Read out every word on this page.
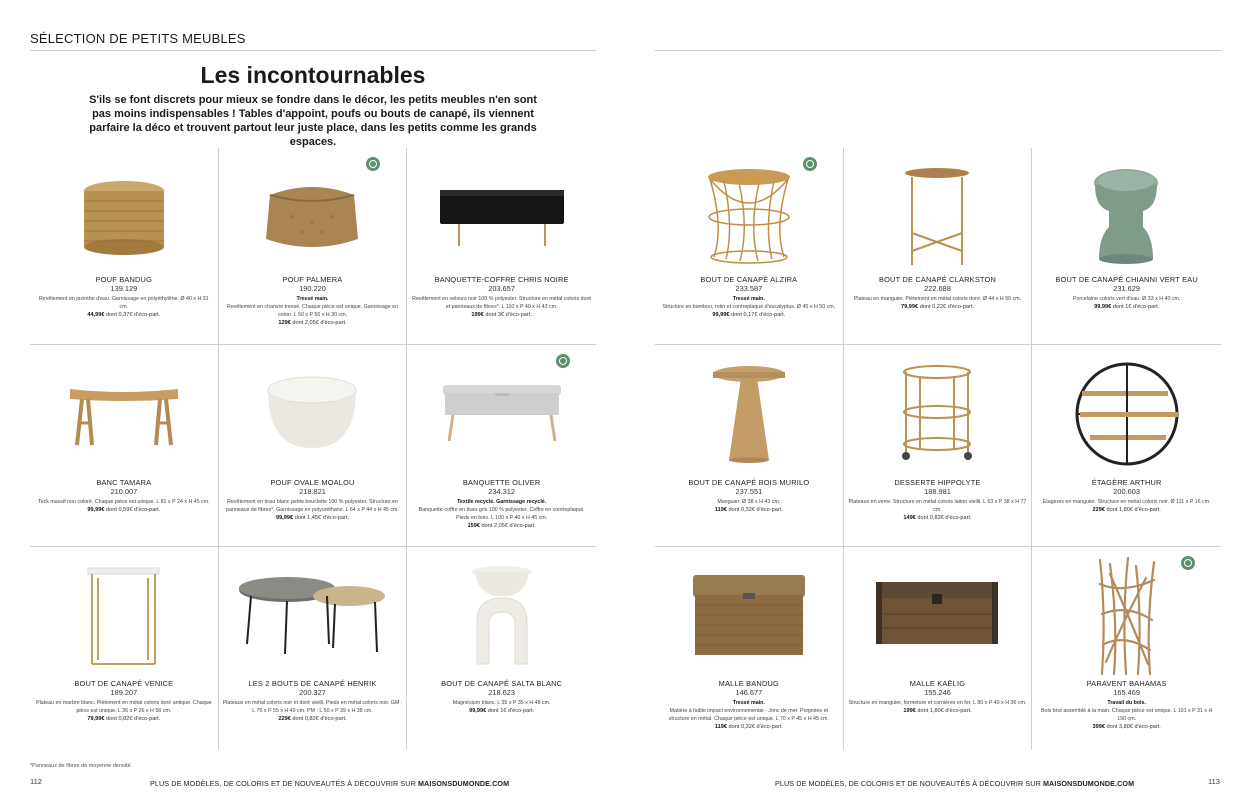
SÉLECTION DE PETITS MEUBLES
Les incontournables

S'ils se font discrets pour mieux se fondre dans le décor, les petits meubles n'en sont pas moins indispensables ! Tables d'appoint, poufs ou bouts de canapé, ils viennent parfaire la déco et trouvent partout leur juste place, dans les petits comme les grands espaces.

POUF BANDUG
139.129
Revêtement en jacinthe d'eau. Garnissage en polyéthylène. Ø 40 x H 31 cm.
44,99€ dont 0,37€ d'éco-part.
POUF PALMERA
190.220
Tressé main.
Revêtement en chanvre tressé. Chaque pièce est unique. Garnissage en coton. L 50 x P 50 x H 30 cm.
129€ dont 2,05€ d'éco-part.
BANQUETTE-COFFRE CHRIS NOIRE
203.657
Revêtement en velours noir 100 % polyester. Structure en métal coloris doré et panneaux de fibres*. L 110 x P 40 x H 43 cm.
199€ dont 3€ d'éco-part.
BANC TAMARA
210.007
Teck massif non coloré. Chaque pièce est unique. L 81 x P 24 x H 45 cm.
99,99€ dont 0,59€ d'éco-part.
POUF OVALE MOALOU
218.821
Revêtement en tissu blanc petite bouclette 100 % polyester. Structure en panneaux de fibres*. Garnissage en polyuréthane. L 64 x P 44 x H 45 cm.
99,99€ dont 1,45€ d'éco-part.
BANQUETTE OLIVER
234.312
Textile recyclé. Garnissage recyclé.
Banquette-coffre en tissu gris 100 % polyester. Coffre en contreplaqué. Pieds en bois. L 100 x P 40 x H 45 cm.
159€ dont 2,05€ d'éco-part.
BOUT DE CANAPÉ VENICE
189.207
Plateau en marbre blanc. Piètement en métal coloris doré antique. Chaque pièce est unique. L 36 x P 26 x H 58 cm.
79,99€ dont 0,82€ d'éco-part.
LES 2 BOUTS DE CANAPÉ HENRIK
200.327
Plateaux en métal coloris noir et doré vieilli. Pieds en métal coloris noir. GM : L 70 x P 55 x H 40 cm. PM : L 50 x P 39 x H 38 cm.
229€ dont 0,82€ d'éco-part.
BOUT DE CANAPÉ SALTA BLANC
218.623
Magnésium blanc. L 35 x P 35 x H 48 cm.
99,99€ dont 1€ d'éco-part.
BOUT DE CANAPÉ ALZIRA
233.587
Tressé main.
Structure en bambou, rotin et contreplaqué d'eucalyptus. Ø 45 x H 50 cm.
99,99€ dont 0,17€ d'éco-part.
BOUT DE CANAPÉ CLARKSTON
222.688
Plateau en manguier. Piètement en métal coloris doré. Ø 44 x H 56 cm.
79,99€ dont 0,22€ d'éco-part.
BOUT DE CANAPÉ CHIANNI VERT EAU
231.629
Porcelaine coloris vert d'eau. Ø 33 x H 40 cm.
99,99€ dont 1€ d'éco-part.
BOUT DE CANAPÉ BOIS MURILO
237.551
Manguier. Ø 38 x H 43 cm.
119€ dont 0,32€ d'éco-part.
DESSERTE HIPPOLYTE
188.981
Plateaux en verre. Structure en métal coloris laiton vieilli. L 63 x P 38 x H 77 cm.
149€ dont 0,82€ d'éco-part.
ÉTAGÈRE ARTHUR
200.603
Étagères en manguier. Structure en métal coloris noir. Ø 111 x P 16 cm.
229€ dont 1,80€ d'éco-part.
MALLE BANDUG
146.677
Tressé main.
Matière à faible impact environnemental - Jonc de mer. Poignées et structure en métal. Chaque pièce est unique. L 70 x P 45 x H 45 cm.
119€ dont 0,32€ d'éco-part.
MALLE KAËLIG
155.246
Structure en manguier, fermeture et cornières en fer. L 80 x P 40 x H 36 cm.
199€ dont 1,80€ d'éco-part.
PARAVENT BAHAMAS
165.469
Travail du bois.
Bois brut assemblé à la main. Chaque pièce est unique. L 101 x P 31 x H 190 cm.
399€ dont 3,80€ d'éco-part.
*Panneaux de fibres de moyenne densité.
112	113
PLUS DE MODÈLES, DE COLORIS ET DE NOUVEAUTÉS À DÉCOUVRIR SUR MAISONSDUMONDE.COM	PLUS DE MODÈLES, DE COLORIS ET DE NOUVEAUTÉS À DÉCOUVRIR SUR MAISONSDUMONDE.COM
